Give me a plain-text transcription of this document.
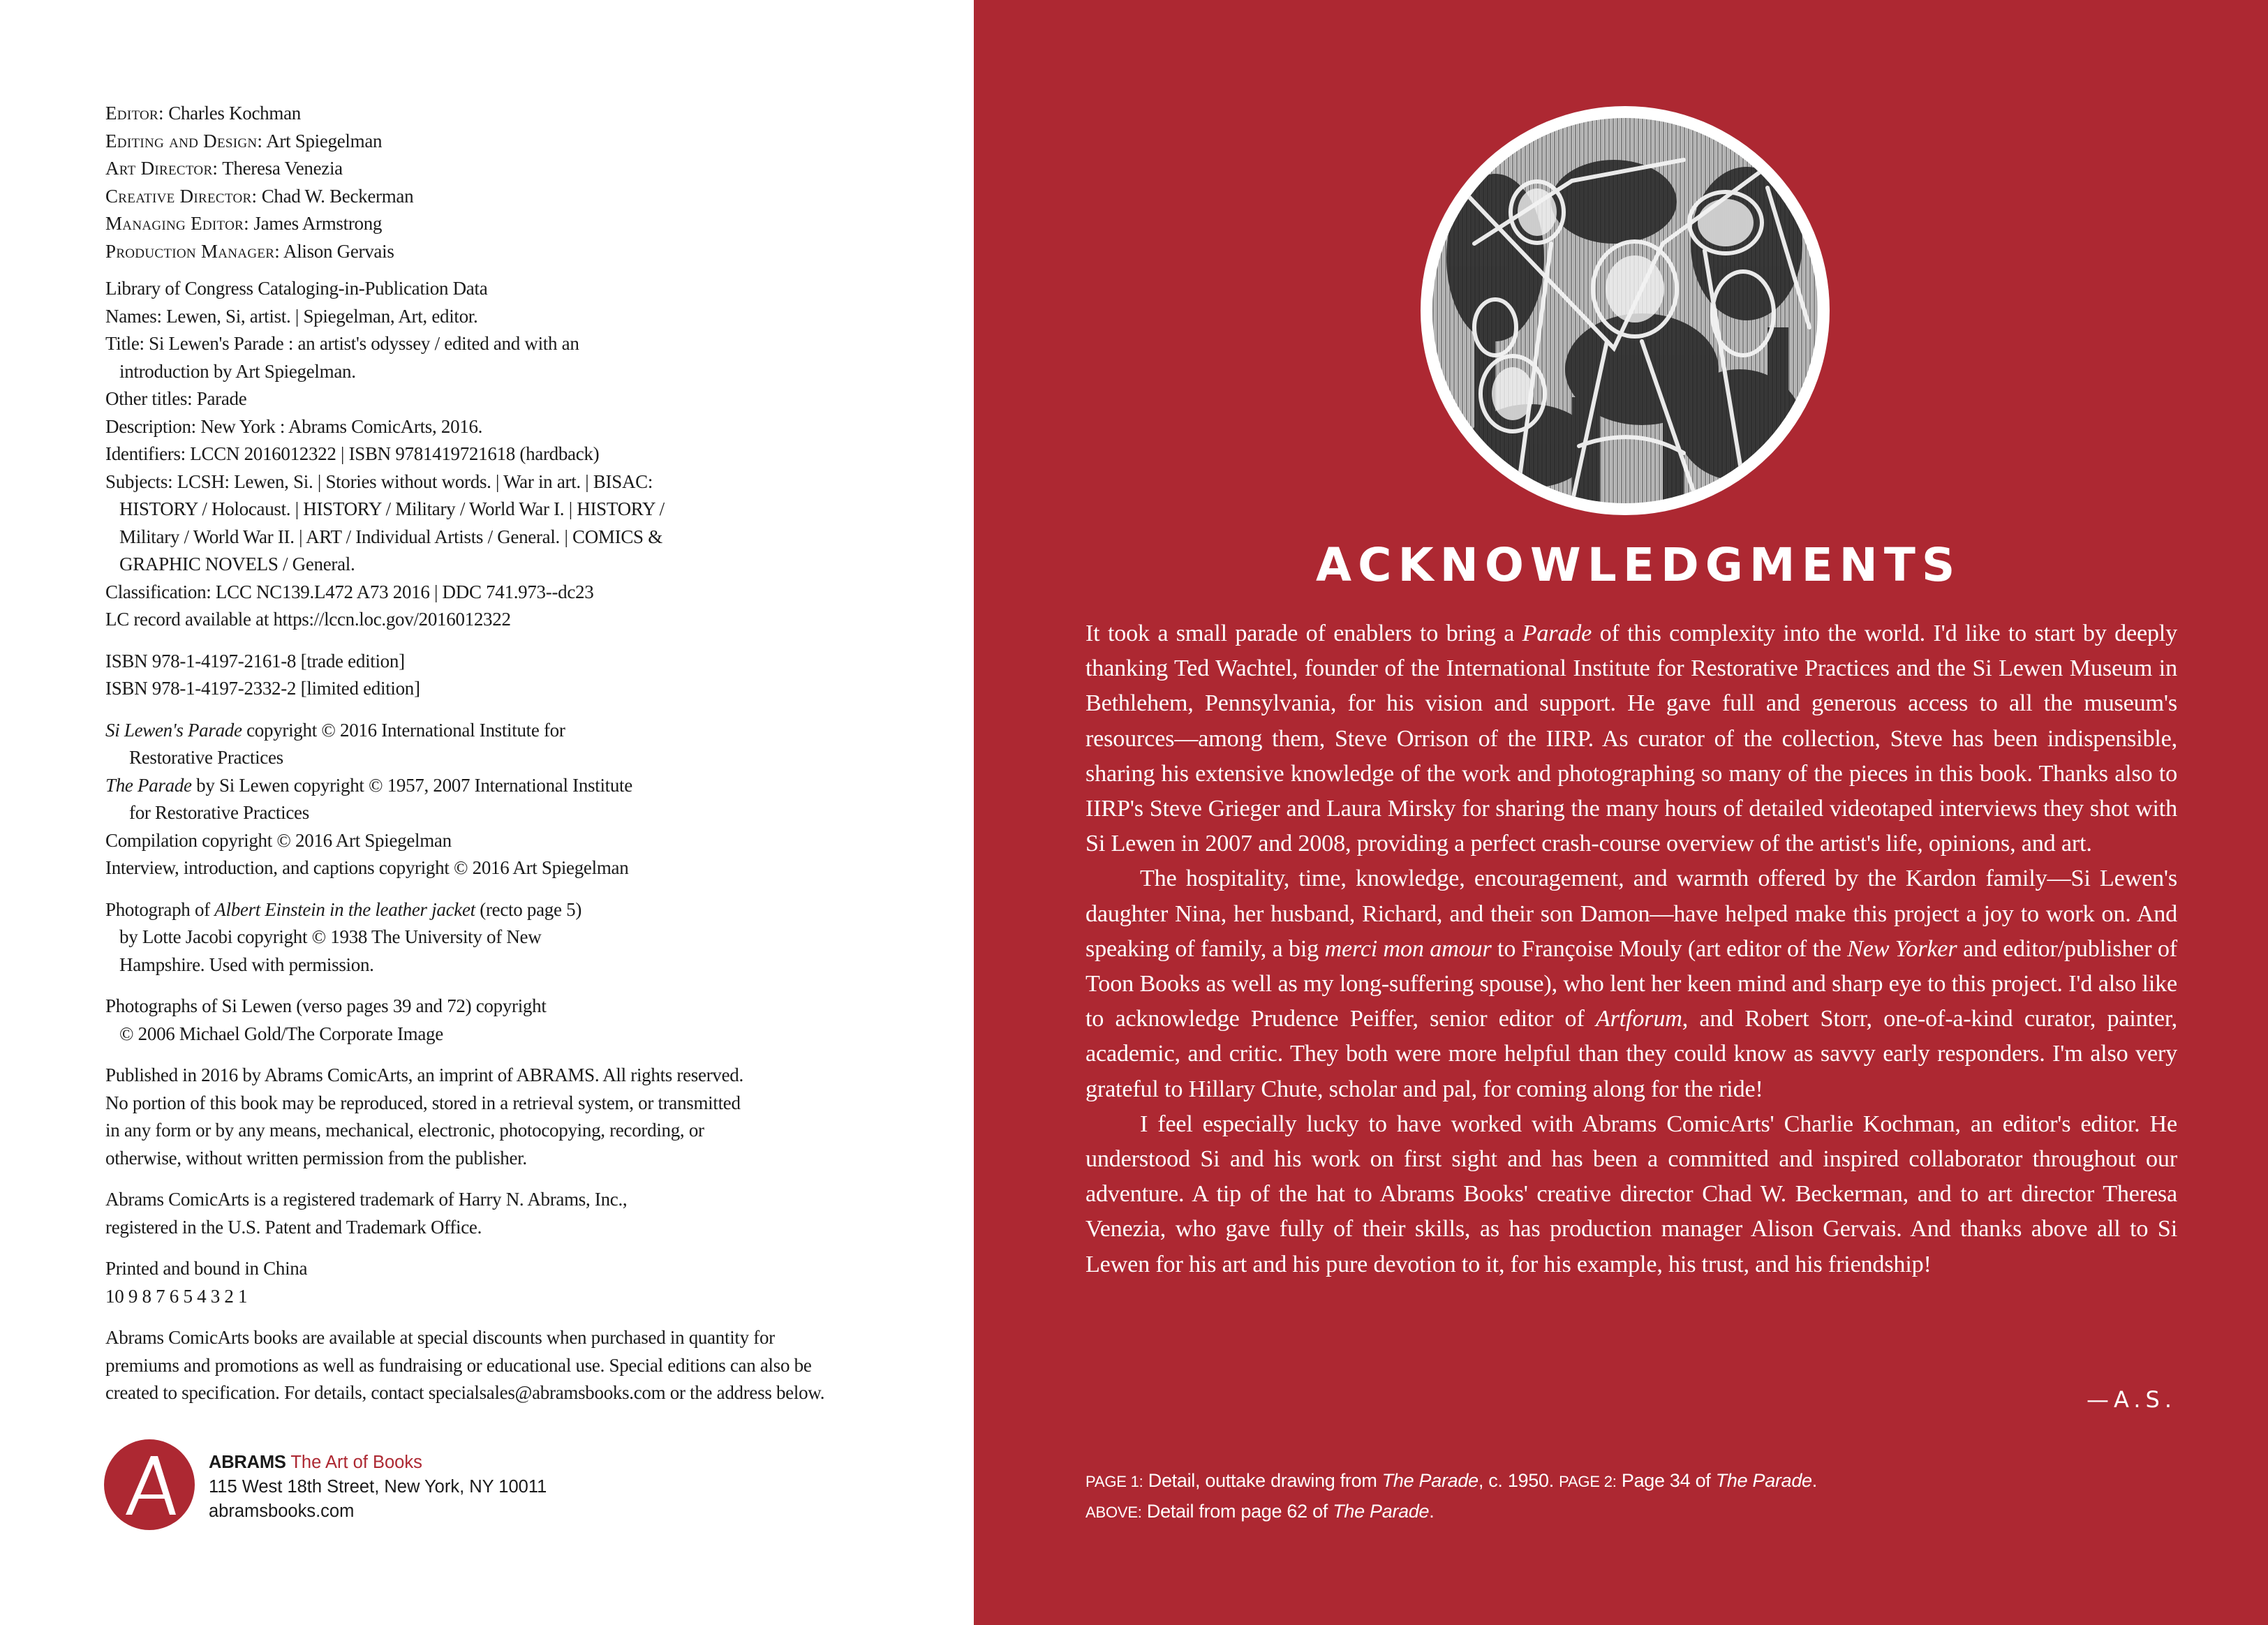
Editor: Charles Kochman
Editing and Design: Art Spiegelman
Art Director: Theresa Venezia
Creative Director: Chad W. Beckerman
Managing Editor: James Armstrong
Production Manager: Alison Gervais
Library of Congress Cataloging-in-Publication Data
Names: Lewen, Si, artist. | Spiegelman, Art, editor.
Title: Si Lewen's Parade : an artist's odyssey / edited and with an
introduction by Art Spiegelman.
Other titles: Parade
Description: New York : Abrams ComicArts, 2016.
Identifiers: LCCN 2016012322 | ISBN 9781419721618 (hardback)
Subjects: LCSH: Lewen, Si. | Stories without words. | War in art. | BISAC:
HISTORY / Holocaust. | HISTORY / Military / World War I. | HISTORY /
Military / World War II. | ART / Individual Artists / General. | COMICS &
GRAPHIC NOVELS / General.
Classification: LCC NC139.L472 A73 2016 | DDC 741.973--dc23
LC record available at https://lccn.loc.gov/2016012322
ISBN 978-1-4197-2161-8 [trade edition]
ISBN 978-1-4197-2332-2 [limited edition]
Si Lewen's Parade copyright © 2016 International Institute for
Restorative Practices
The Parade by Si Lewen copyright © 1957, 2007 International Institute
for Restorative Practices
Compilation copyright © 2016 Art Spiegelman
Interview, introduction, and captions copyright © 2016 Art Spiegelman
Photograph of Albert Einstein in the leather jacket (recto page 5)
by Lotte Jacobi copyright © 1938 The University of New
Hampshire. Used with permission.
Photographs of Si Lewen (verso pages 39 and 72) copyright
© 2006 Michael Gold/The Corporate Image
Published in 2016 by Abrams ComicArts, an imprint of ABRAMS. All rights reserved.
No portion of this book may be reproduced, stored in a retrieval system, or transmitted
in any form or by any means, mechanical, electronic, photocopying, recording, or
otherwise, without written permission from the publisher.
Abrams ComicArts is a registered trademark of Harry N. Abrams, Inc.,
registered in the U.S. Patent and Trademark Office.
Printed and bound in China
10 9 8 7 6 5 4 3 2 1
Abrams ComicArts books are available at special discounts when purchased in quantity for
premiums and promotions as well as fundraising or educational use. Special editions can also be
created to specification. For details, contact specialsales@abramsbooks.com or the address below.
ABRAMS The Art of Books
115 West 18th Street, New York, NY 10011
abramsbooks.com
ACKNOWLEDGMENTS

It took a small parade of enablers to bring a Parade of this complexity into the world. I'd like to start by deeply thanking Ted Wachtel, founder of the International Institute for Restorative Practices and the Si Lewen Museum in Bethlehem, Pennsylvania, for his vision and support. He gave full and generous access to all the museum's resources—among them, Steve Orrison of the IIRP. As curator of the collection, Steve has been indispensible, sharing his extensive knowledge of the work and photographing so many of the pieces in this book. Thanks also to IIRP's Steve Grieger and Laura Mirsky for sharing the many hours of detailed videotaped interviews they shot with Si Lewen in 2007 and 2008, providing a perfect crash-course overview of the artist's life, opinions, and art.

The hospitality, time, knowledge, encouragement, and warmth offered by the Kardon family—Si Lewen's daughter Nina, her husband, Richard, and their son Damon—have helped make this project a joy to work on. And speaking of family, a big merci mon amour to Françoise Mouly (art editor of the New Yorker and editor/publisher of Toon Books as well as my long-suffering spouse), who lent her keen mind and sharp eye to this project. I'd also like to acknowledge Prudence Peiffer, senior editor of Artforum, and Robert Storr, one-of-a-kind curator, painter, academic, and critic. They both were more helpful than they could know as savvy early responders. I'm also very grateful to Hillary Chute, scholar and pal, for coming along for the ride!

I feel especially lucky to have worked with Abrams ComicArts' Charlie Kochman, an editor's editor. He understood Si and his work on first sight and has been a committed and inspired collaborator throughout our adventure. A tip of the hat to Abrams Books' creative director Chad W. Beckerman, and to art director Theresa Venezia, who gave fully of their skills, as has production manager Alison Gervais. And thanks above all to Si Lewen for his art and his pure devotion to it, for his example, his trust, and his friendship!

—A.S.
PAGE 1: Detail, outtake drawing from The Parade, c. 1950. PAGE 2: Page 34 of The Parade.
ABOVE: Detail from page 62 of The Parade.
